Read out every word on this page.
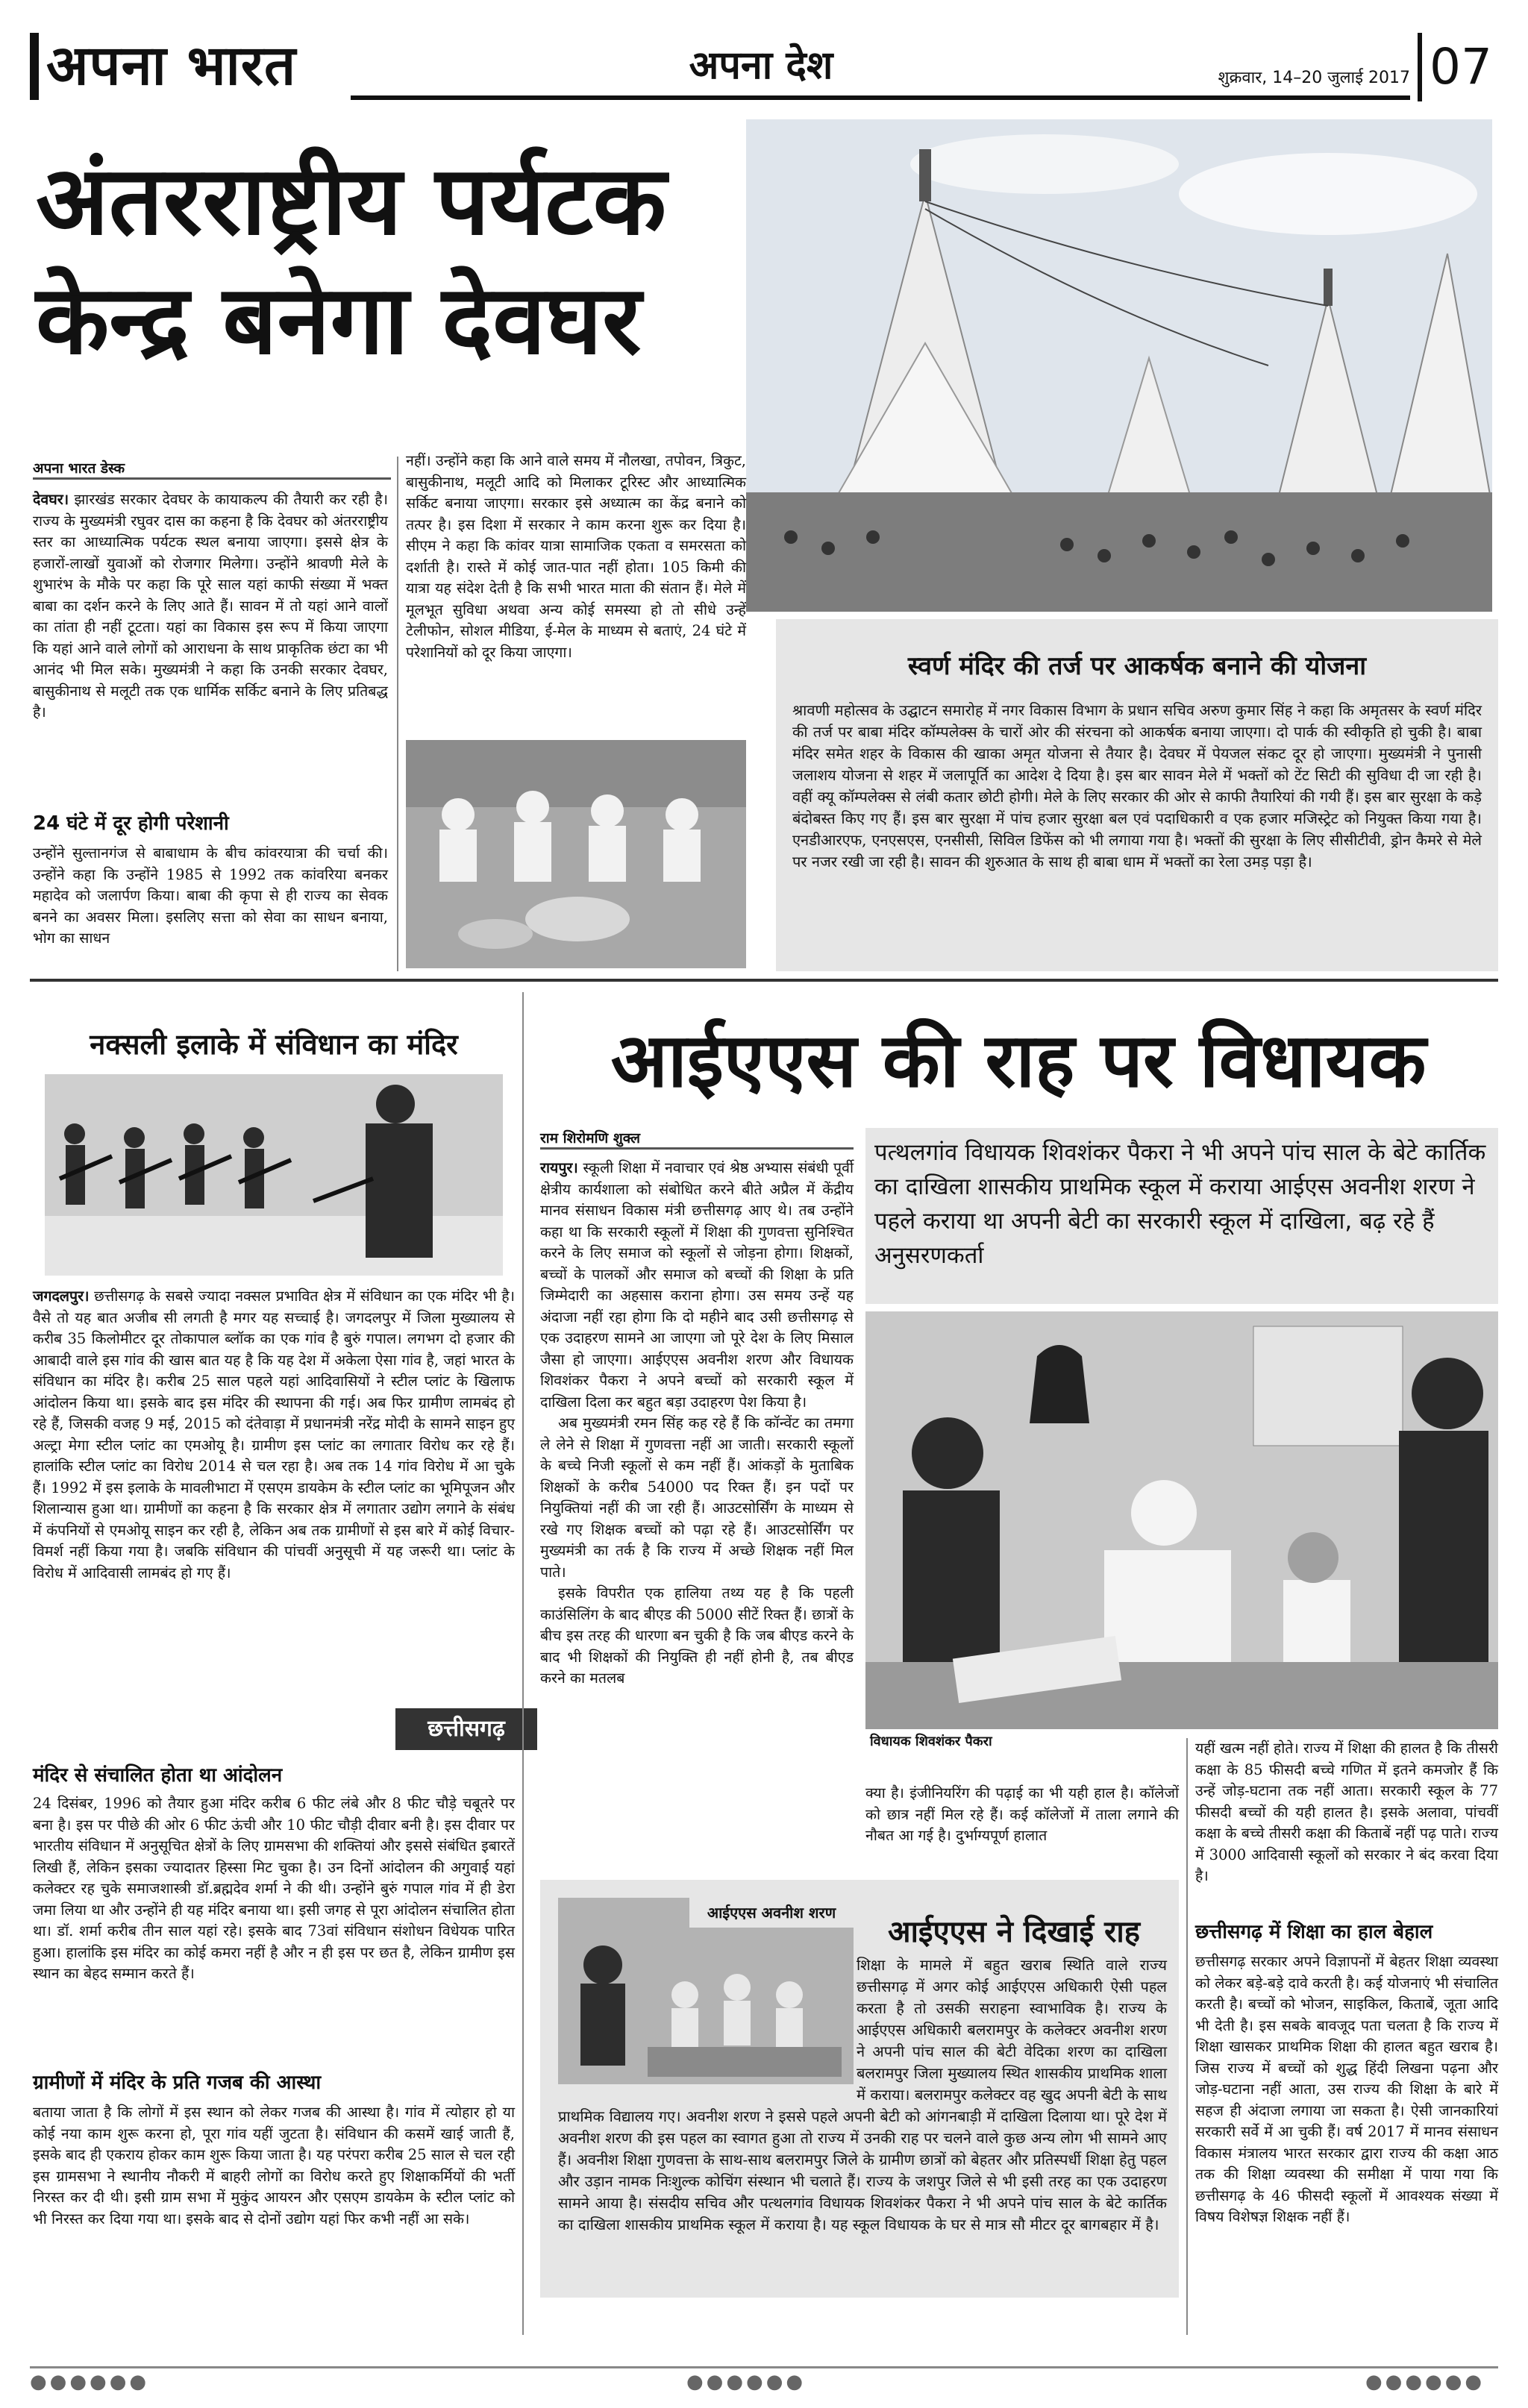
अपना भारत	अपना देश	शुक्रवार, 14–20 जुलाई 2017 07
अंतरराष्ट्रीय पर्यटक
केन्द्र बनेगा देवघर
अपना भारत डेस्क

देवघर। झारखंड सरकार देवघर के कायाकल्प की तैयारी कर रही है। राज्य के मुख्यमंत्री रघुवर दास का कहना है कि देवघर को अंतरराष्ट्रीय स्तर का आध्यात्मिक पर्यटक स्थल बनाया जाएगा। इससे क्षेत्र के हजारों-लाखों युवाओं को रोजगार मिलेगा। उन्होंने श्रावणी मेले के शुभारंभ के मौके पर कहा कि पूरे साल यहां काफी संख्या में भक्त बाबा का दर्शन करने के लिए आते हैं। सावन में तो यहां आने वालों का तांता ही नहीं टूटता। यहां का विकास इस रूप में किया जाएगा कि यहां आने वाले लोगों को आराधना के साथ प्राकृतिक छंटा का भी आनंद भी मिल सके। मुख्यमंत्री ने कहा कि उनकी सरकार देवघर, बासुकीनाथ से मलूटी तक एक धार्मिक सर्किट बनाने के लिए प्रतिबद्ध है।

24 घंटे में दूर होगी परेशानी
उन्होंने सुल्तानगंज से बाबाधाम के बीच कांवरयात्रा की चर्चा की। उन्होंने कहा कि उन्होंने 1985 से 1992 तक कांवरिया बनकर महादेव को जलार्पण किया। बाबा की कृपा से ही राज्य का सेवक बनने का अवसर मिला। इसलिए सत्ता को सेवा का साधन बनाया, भोग का साधन
नहीं। उन्होंने कहा कि आने वाले समय में नौलखा, तपोवन, त्रिकुट, बासुकीनाथ, मलूटी आदि को मिलाकर टूरिस्ट और आध्यात्मिक सर्किट बनाया जाएगा। सरकार इसे अध्यात्म का केंद्र बनाने को तत्पर है। इस दिशा में सरकार ने काम करना शुरू कर दिया है। सीएम ने कहा कि कांवर यात्रा सामाजिक एकता व समरसता को दर्शाती है। रास्ते में कोई जात-पात नहीं होता। 105 किमी की यात्रा यह संदेश देती है कि सभी भारत माता की संतान हैं। मेले में मूलभूत सुविधा अथवा अन्य कोई समस्या हो तो सीधे उन्हें टेलीफोन, सोशल मीडिया, ई-मेल के माध्यम से बताएं, 24 घंटे में परेशानियों को दूर किया जाएगा।	स्वर्ण मंदिर की तर्ज पर आकर्षक बनाने की योजना
श्रावणी महोत्सव के उद्घाटन समारोह में नगर विकास विभाग के प्रधान सचिव अरुण कुमार सिंह ने कहा कि अमृतसर के स्वर्ण मंदिर की तर्ज पर बाबा मंदिर कॉम्पलेक्स के चारों ओर की संरचना को आकर्षक बनाया जाएगा। दो पार्क की स्वीकृति हो चुकी है। बाबा मंदिर समेत शहर के विकास की खाका अमृत योजना से तैयार है। देवघर में पेयजल संकट दूर हो जाएगा। मुख्यमंत्री ने पुनासी जलाशय योजना से शहर में जलापूर्ति का आदेश दे दिया है। इस बार सावन मेले में भक्तों को टेंट सिटी की सुविधा दी जा रही है। वहीं क्यू कॉम्पलेक्स से लंबी कतार छोटी होगी। मेले के लिए सरकार की ओर से काफी तैयारियां की गयी हैं। इस बार सुरक्षा के कड़े बंदोबस्त किए गए हैं। इस बार सुरक्षा में पांच हजार सुरक्षा बल एवं पदाधिकारी व एक हजार मजिस्ट्रेट को नियुक्त किया गया है। एनडीआरएफ, एनएसएस, एनसीसी, सिविल डिफेंस को भी लगाया गया है। भक्तों की सुरक्षा के लिए सीसीटीवी, ड्रोन कैमरे से मेले पर नजर रखी जा रही है। सावन की शुरुआत के साथ ही बाबा धाम में भक्तों का रेला उमड़ पड़ा है।
नक्सली इलाके में संविधान का मंदिर

जगदलपुर। छत्तीसगढ़ के सबसे ज्यादा नक्सल प्रभावित क्षेत्र में संविधान का एक मंदिर भी है। वैसे तो यह बात अजीब सी लगती है मगर यह सच्चाई है। जगदलपुर में जिला मुख्यालय से करीब 35 किलोमीटर दूर तोकापाल ब्लॉक का एक गांव है बुरुं गपाल। लगभग दो हजार की आबादी वाले इस गांव की खास बात यह है कि यह देश में अकेला ऐसा गांव है, जहां भारत के संविधान का मंदिर है। करीब 25 साल पहले यहां आदिवासियों ने स्टील प्लांट के खिलाफ आंदोलन किया था। इसके बाद इस मंदिर की स्थापना की गई। अब फिर ग्रामीण लामबंद हो रहे हैं, जिसकी वजह 9 मई, 2015 को दंतेवाड़ा में प्रधानमंत्री नरेंद्र मोदी के सामने साइन हुए अल्ट्रा मेगा स्टील प्लांट का एमओयू है। ग्रामीण इस प्लांट का लगातार विरोध कर रहे हैं। हालांकि स्टील प्लांट का विरोध 2014 से चल रहा है। अब तक 14 गांव विरोध में आ चुके हैं। 1992 में इस इलाके के मावलीभाटा में एसएम डायकेम के स्टील प्लांट का भूमिपूजन और शिलान्यास हुआ था। ग्रामीणों का कहना है कि सरकार क्षेत्र में लगातार उद्योग लगाने के संबंध में कंपनियों से एमओयू साइन कर रही है, लेकिन अब तक ग्रामीणों से इस बारे में कोई विचार-विमर्श नहीं किया गया है। जबकि संविधान की पांचवीं अनुसूची में यह जरूरी था। प्लांट के विरोध में आदिवासी लामबंद हो गए हैं।

छत्तीसगढ़
मंदिर से संचालित होता था आंदोलन
24 दिसंबर, 1996 को तैयार हुआ मंदिर करीब 6 फीट लंबे और 8 फीट चौड़े चबूतरे पर बना है। इस पर पीछे की ओर 6 फीट ऊंची और 10 फीट चौड़ी दीवार बनी है। इस दीवार पर भारतीय संविधान में अनुसूचित क्षेत्रों के लिए ग्रामसभा की शक्तियां और इससे संबंधित इबारतें लिखी हैं, लेकिन इसका ज्यादातर हिस्सा मिट चुका है। उन दिनों आंदोलन की अगुवाई यहां कलेक्टर रह चुके समाजशास्त्री डॉ.ब्रह्मदेव शर्मा ने की थी। उन्होंने बुरुं गपाल गांव में ही डेरा जमा लिया था और उन्होंने ही यह मंदिर बनाया था। इसी जगह से पूरा आंदोलन संचालित होता था। डॉ. शर्मा करीब तीन साल यहां रहे। इसके बाद 73वां संविधान संशोधन विधेयक पारित हुआ। हालांकि इस मंदिर का कोई कमरा नहीं है और न ही इस पर छत है, लेकिन ग्रामीण इस स्थान का बेहद सम्मान करते हैं।
ग्रामीणों में मंदिर के प्रति गजब की आस्था
बताया जाता है कि लोगों में इस स्थान को लेकर गजब की आस्था है। गांव में त्योहार हो या कोई नया काम शुरू करना हो, पूरा गांव यहीं जुटता है। संविधान की कसमें खाई जाती हैं, इसके बाद ही एकराय होकर काम शुरू किया जाता है। यह परंपरा करीब 25 साल से चल रही इस ग्रामसभा ने स्थानीय नौकरी में बाहरी लोगों का विरोध करते हुए शिक्षाकर्मियों की भर्ती निरस्त कर दी थी। इसी ग्राम सभा में मुकुंद आयरन और एसएम डायकेम के स्टील प्लांट को भी निरस्त कर दिया गया था। इसके बाद से दोनों उद्योग यहां फिर कभी नहीं आ सके।
आईएएस की राह पर विधायक
राम शिरोमणि शुक्ल
पत्थलगांव विधायक शिवशंकर पैकरा ने भी अपने पांच साल के बेटे कार्तिक का दाखिला शासकीय प्राथमिक स्कूल में कराया आईएस अवनीश शरण ने पहले कराया था अपनी बेटी का सरकारी स्कूल में दाखिला, बढ़ रहे हैं अनुसरणकर्ता

रायपुर। स्कूली शिक्षा में नवाचार एवं श्रेष्ठ अभ्यास संबंधी पूर्वी क्षेत्रीय कार्यशाला को संबोधित करने बीते अप्रैल में केंद्रीय मानव संसाधन विकास मंत्री छत्तीसगढ़ आए थे। तब उन्होंने कहा था कि सरकारी स्कूलों में शिक्षा की गुणवत्ता सुनिश्चित करने के लिए समाज को स्कूलों से जोड़ना होगा। शिक्षकों, बच्चों के पालकों और समाज को बच्चों की शिक्षा के प्रति जिम्मेदारी का अहसास कराना होगा। उस समय उन्हें यह अंदाजा नहीं रहा होगा कि दो महीने बाद उसी छत्तीसगढ़ से एक उदाहरण सामने आ जाएगा जो पूरे देश के लिए मिसाल जैसा हो जाएगा। आईएएस अवनीश शरण और विधायक शिवशंकर पैकरा ने अपने बच्चों को सरकारी स्कूल में दाखिला दिला कर बहुत बड़ा उदाहरण पेश किया है।

अब मुख्यमंत्री रमन सिंह कह रहे हैं कि कॉन्वेंट का तमगा ले लेने से शिक्षा में गुणवत्ता नहीं आ जाती। सरकारी स्कूलों के बच्चे निजी स्कूलों से कम नहीं हैं। आंकड़ों के मुताबिक शिक्षकों के करीब 54000 पद रिक्त हैं। इन पदों पर नियुक्तियां नहीं की जा रही हैं। आउटसोर्सिंग के माध्यम से रखे गए शिक्षक बच्चों को पढ़ा रहे हैं। आउटसोर्सिंग पर मुख्यमंत्री का तर्क है कि राज्य में अच्छे शिक्षक नहीं मिल पाते।

इसके विपरीत एक हालिया तथ्य यह है कि पहली काउंसिलिंग के बाद बीएड की 5000 सीटें रिक्त हैं। छात्रों के बीच इस तरह की धारणा बन चुकी है कि जब बीएड करने के बाद भी शिक्षकों की नियुक्ति ही नहीं होनी है, तब बीएड करने का मतलब

विधायक शिवशंकर पैकरा
क्या है। इंजीनियरिंग की पढ़ाई का भी यही हाल है। कॉलेजों को छात्र नहीं मिल रहे हैं। कई कॉलेजों में ताला लगाने की नौबत आ गई है। दुर्भाग्यपूर्ण हालात
यहीं खत्म नहीं होते। राज्य में शिक्षा की हालत है कि तीसरी कक्षा के 85 फीसदी बच्चे गणित में इतने कमजोर हैं कि उन्हें जोड़-घटाना तक नहीं आता। सरकारी स्कूल के 77 फीसदी बच्चों की यही हालत है। इसके अलावा, पांचवीं कक्षा के बच्चे तीसरी कक्षा की किताबें नहीं पढ़ पाते। राज्य में 3000 आदिवासी स्कूलों को सरकार ने बंद करवा दिया है।
छत्तीसगढ़ में शिक्षा का हाल बेहाल
छत्तीसगढ़ सरकार अपने विज्ञापनों में बेहतर शिक्षा व्यवस्था को लेकर बड़े-बड़े दावे करती है। कई योजनाएं भी संचालित करती है। बच्चों को भोजन, साइकिल, किताबें, जूता आदि भी देती है। इस सबके बावजूद पता चलता है कि राज्य में शिक्षा खासकर प्राथमिक शिक्षा की हालत बहुत खराब है। जिस राज्य में बच्चों को शुद्ध हिंदी लिखना पढ़ना और जोड़-घटाना नहीं आता, उस राज्य की शिक्षा के बारे में सहज ही अंदाजा लगाया जा सकता है। ऐसी जानकारियां सरकारी सर्वे में आ चुकी हैं। वर्ष 2017 में मानव संसाधन विकास मंत्रालय भारत सरकार द्वारा राज्य की कक्षा आठ तक की शिक्षा व्यवस्था की समीक्षा में पाया गया कि छत्तीसगढ़ के 46 फीसदी स्कूलों में आवश्यक संख्या में विषय विशेषज्ञ शिक्षक नहीं हैं।
आईएएस अवनीश शरण
आईएएस ने दिखाई राह
शिक्षा के मामले में बहुत खराब स्थिति वाले राज्य छत्तीसगढ़ में अगर कोई आईएएस अधिकारी ऐसी पहल करता है तो उसकी सराहना स्वाभाविक है। राज्य के आईएएस अधिकारी बलरामपुर के कलेक्टर अवनीश शरण ने अपनी पांच साल की बेटी वेदिका शरण का दाखिला बलरामपुर जिला मुख्यालय स्थित शासकीय प्राथमिक शाला में कराया। बलरामपुर कलेक्टर वह खुद अपनी बेटी के साथ प्राथमिक विद्यालय गए। अवनीश शरण ने इससे पहले अपनी बेटी को आंगनबाड़ी में दाखिला दिलाया था। पूरे देश में अवनीश शरण की इस पहल का स्वागत हुआ तो राज्य में उनकी राह पर चलने वाले कुछ अन्य लोग भी सामने आए हैं। अवनीश शिक्षा गुणवत्ता के साथ-साथ बलरामपुर जिले के ग्रामीण छात्रों को बेहतर और प्रतिस्पर्धी शिक्षा हेतु पहल और उड़ान नामक निःशुल्क कोचिंग संस्थान भी चलाते हैं। राज्य के जशपुर जिले से भी इसी तरह का एक उदाहरण सामने आया है। संसदीय सचिव और पत्थलगांव विधायक शिवशंकर पैकरा ने भी अपने पांच साल के बेटे कार्तिक का दाखिला शासकीय प्राथमिक स्कूल में कराया है। यह स्कूल विधायक के घर से मात्र सौ मीटर दूर बागबहार में है।
●●●●●●	●●●●●●	●●●●●●
